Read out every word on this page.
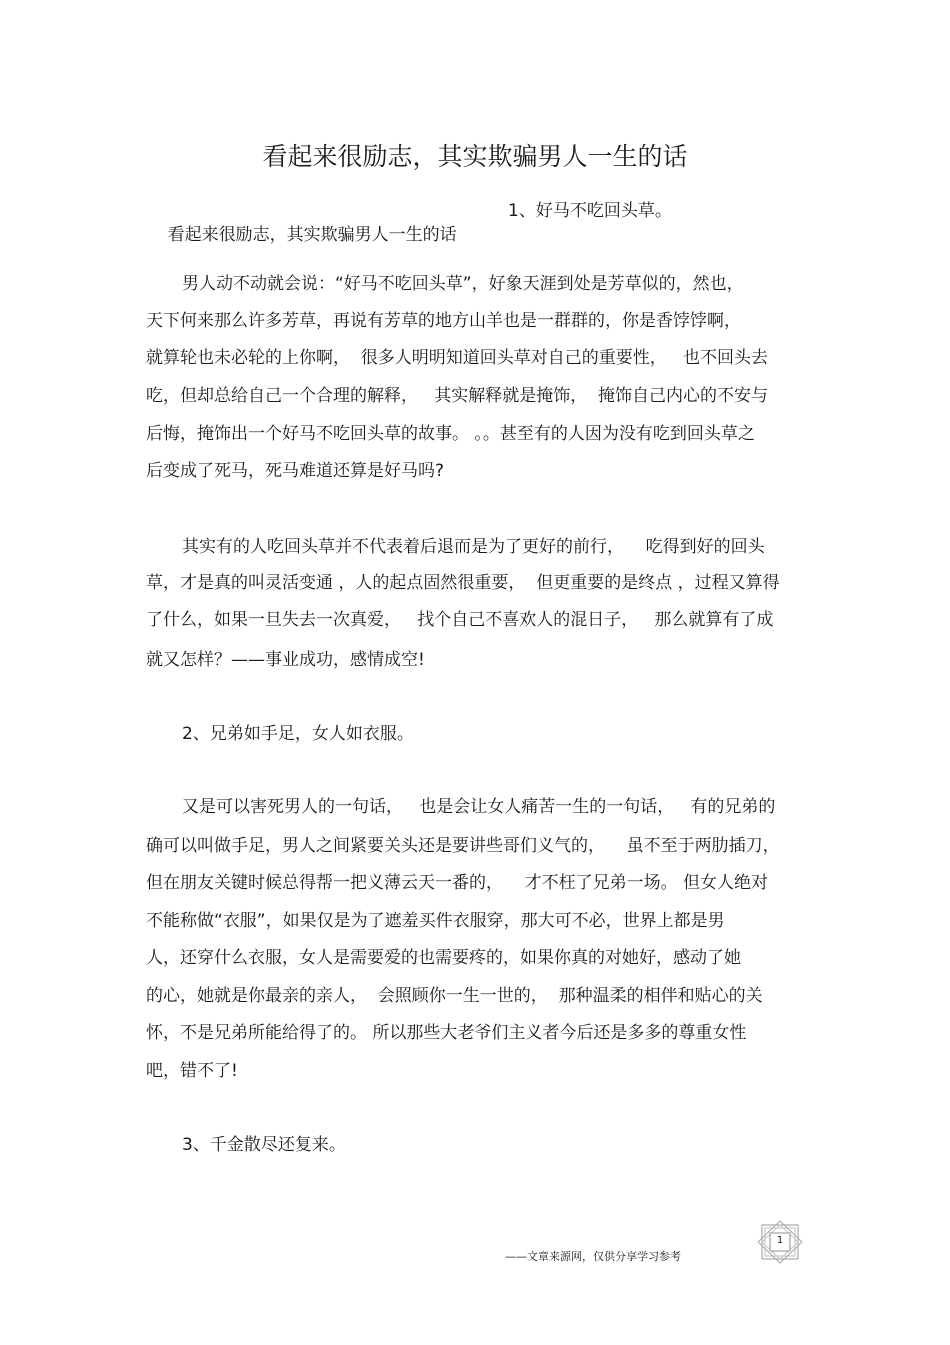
看起来很励志，其实欺骗男人一生的话

看起来很励志，其实欺骗男人一生的话

1、好马不吃回头草。

男人动不动就会说：“好马不吃回头草”，好象天涯到处是芳草似的，然也，
天下何来那么许多芳草，再说有芳草的地方山羊也是一群群的，你是香饽饽啊，
就算轮也未必轮的上你啊，  很多人明明知道回头草对自己的重要性，   也不回头去
吃，但却总给自己一个合理的解释，   其实解释就是掩饰，  掩饰自己内心的不安与
后悔，掩饰出一个好马不吃回头草的故事。 。。甚至有的人因为没有吃到回头草之
后变成了死马，死马难道还算是好马吗?
其实有的人吃回头草并不代表着后退而是为了更好的前行，    吃得到好的回头
草，才是真的叫灵活变通 ，人的起点固然很重要，  但更重要的是终点 ，过程又算得
了什么，如果一旦失去一次真爱，   找个自己不喜欢人的混日子，   那么就算有了成
就又怎样？——事业成功，感情成空!
2、兄弟如手足，女人如衣服。
又是可以害死男人的一句话，   也是会让女人痛苦一生的一句话，   有的兄弟的
确可以叫做手足，男人之间紧要关头还是要讲些哥们义气的，    虽不至于两肋插刀，
但在朋友关键时候总得帮一把义薄云天一番的，    才不枉了兄弟一场。 但女人绝对
不能称做“衣服”，如果仅是为了遮羞买件衣服穿，那大可不必，世界上都是男
人，还穿什么衣服，女人是需要爱的也需要疼的，如果你真的对她好，感动了她
的心，她就是你最亲的亲人，  会照顾你一生一世的，  那种温柔的相伴和贴心的关
怀，不是兄弟所能给得了的。 所以那些大老爷们主义者今后还是多多的尊重女性
吧，错不了!
3、千金散尽还复来。
——文章来源网，仅供分享学习参考
1
